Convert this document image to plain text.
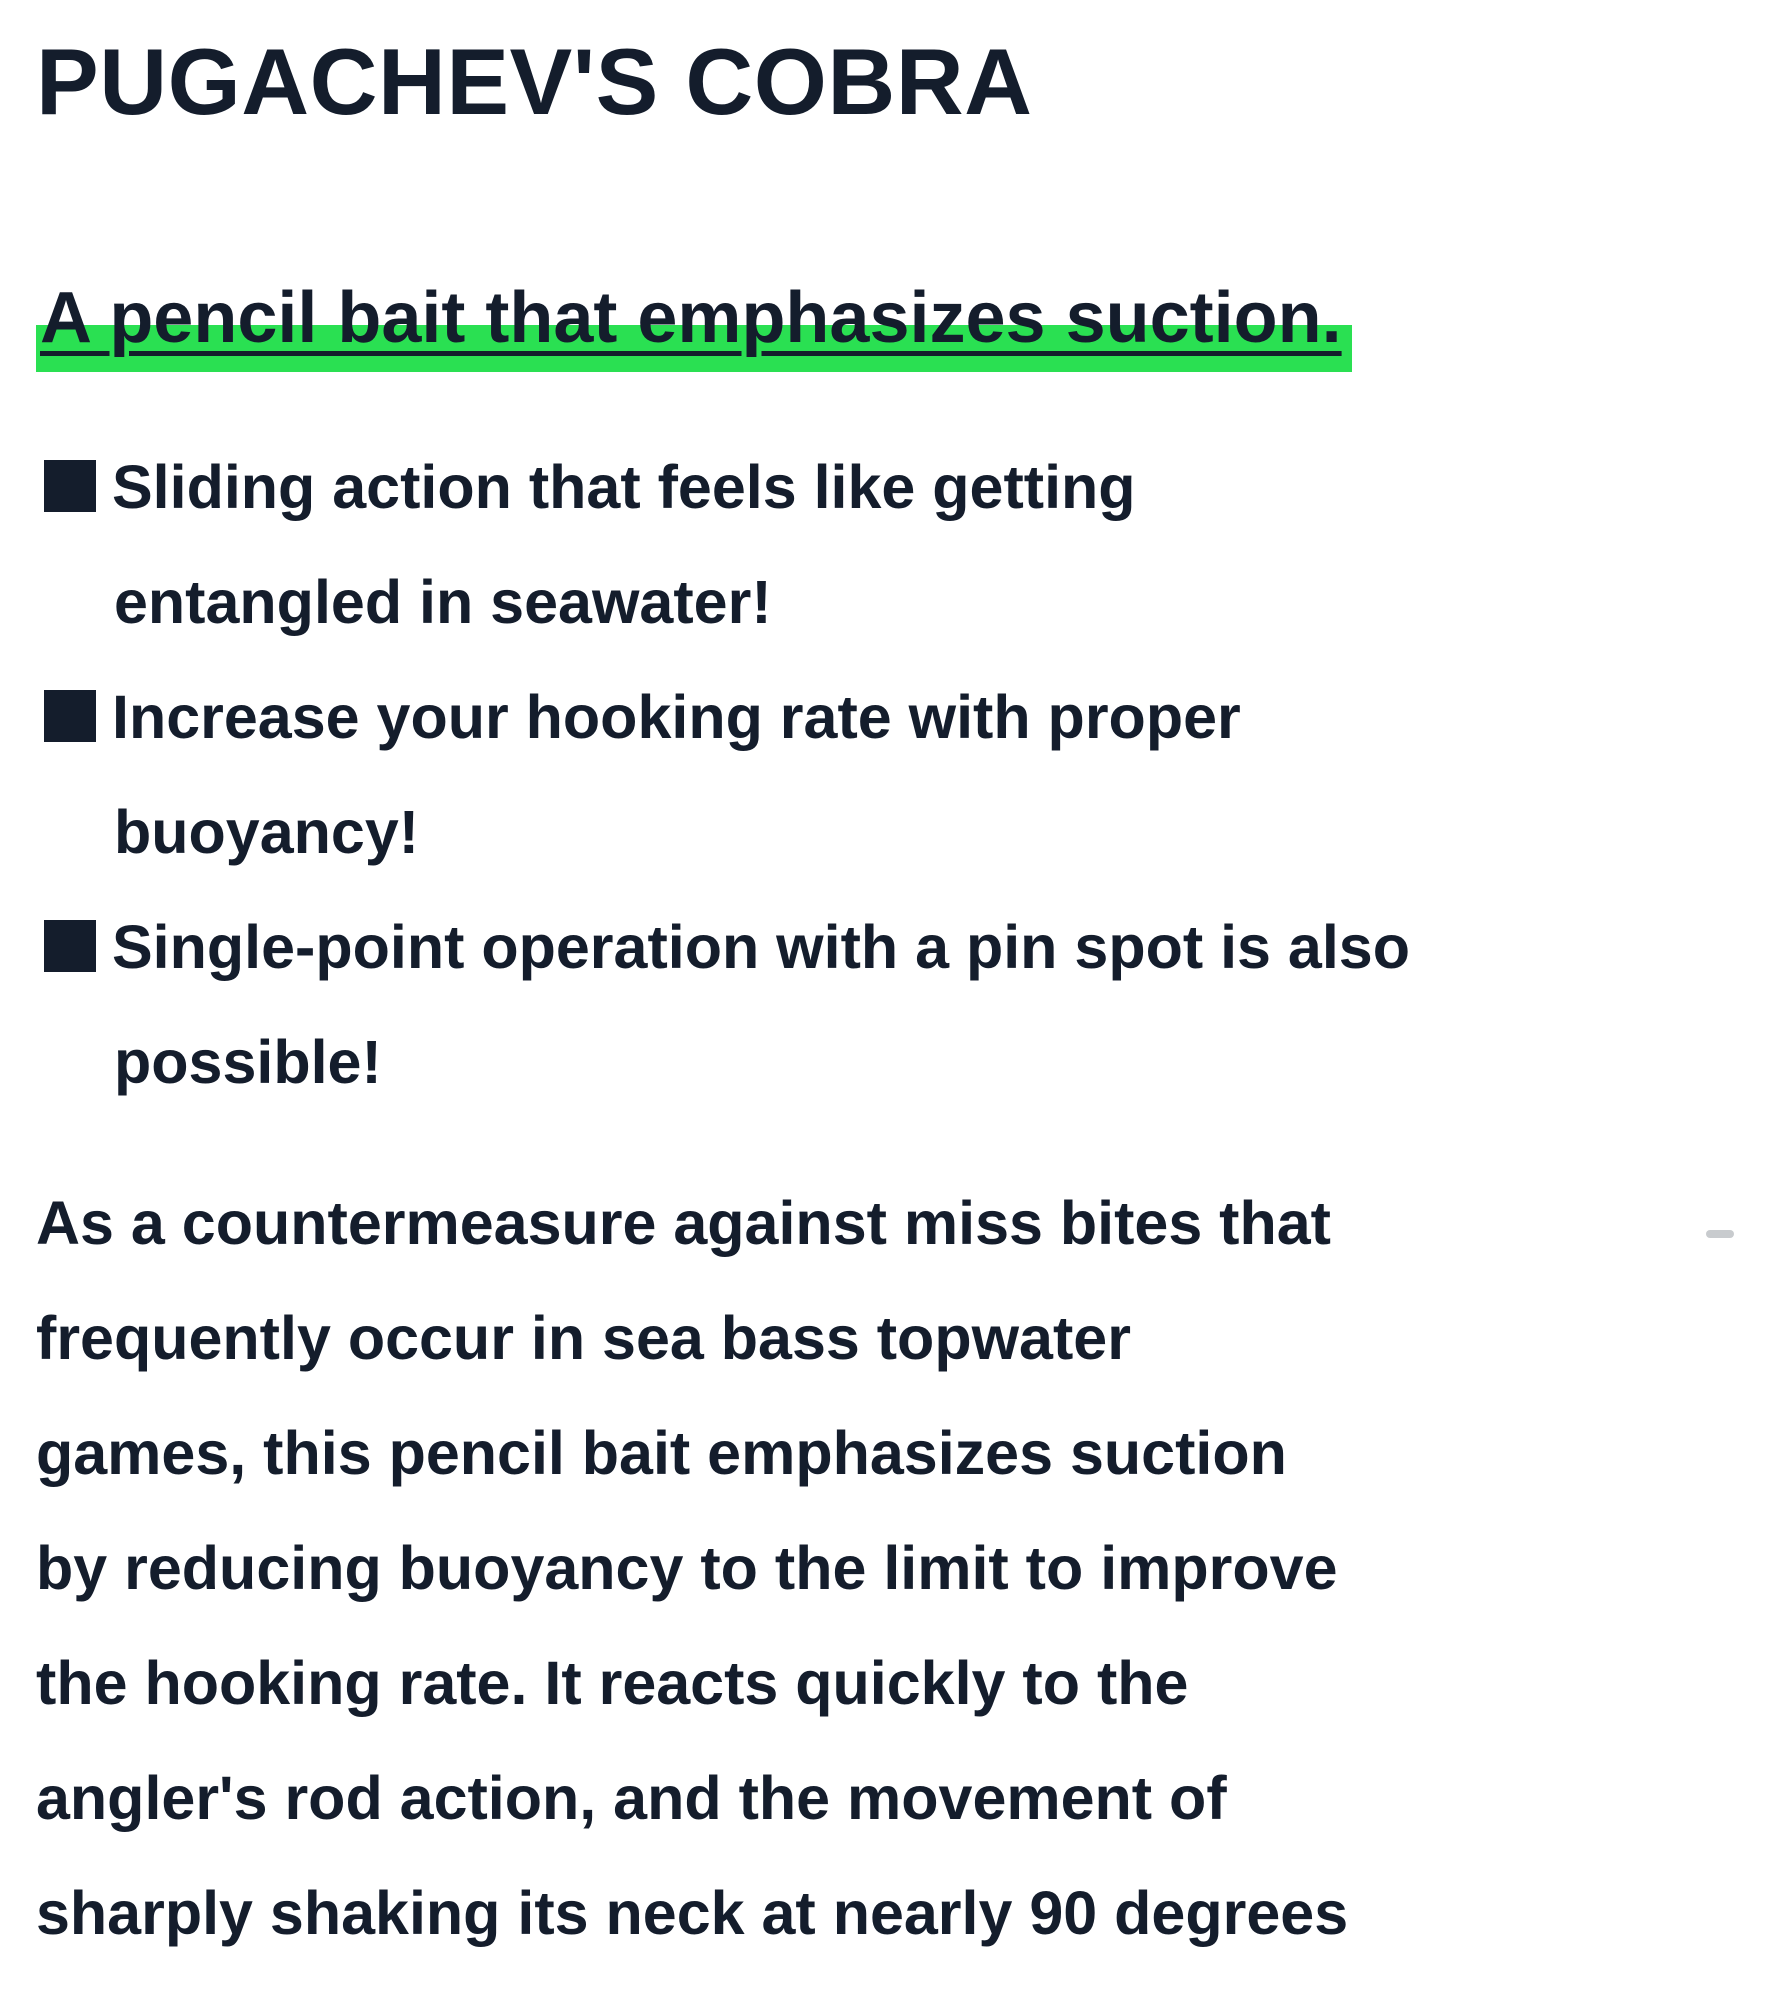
PUGACHEV'S COBRA
A pencil bait that emphasizes suction.
Sliding action that feels like getting
entangled in seawater!
Increase your hooking rate with proper
buoyancy!
Single-point operation with a pin spot is also
possible!

As a countermeasure against miss bites that
frequently occur in sea bass topwater
games, this pencil bait emphasizes suction
by reducing buoyancy to the limit to improve
the hooking rate. It reacts quickly to the
angler's rod action, and the movement of
sharply shaking its neck at nearly 90 degrees
